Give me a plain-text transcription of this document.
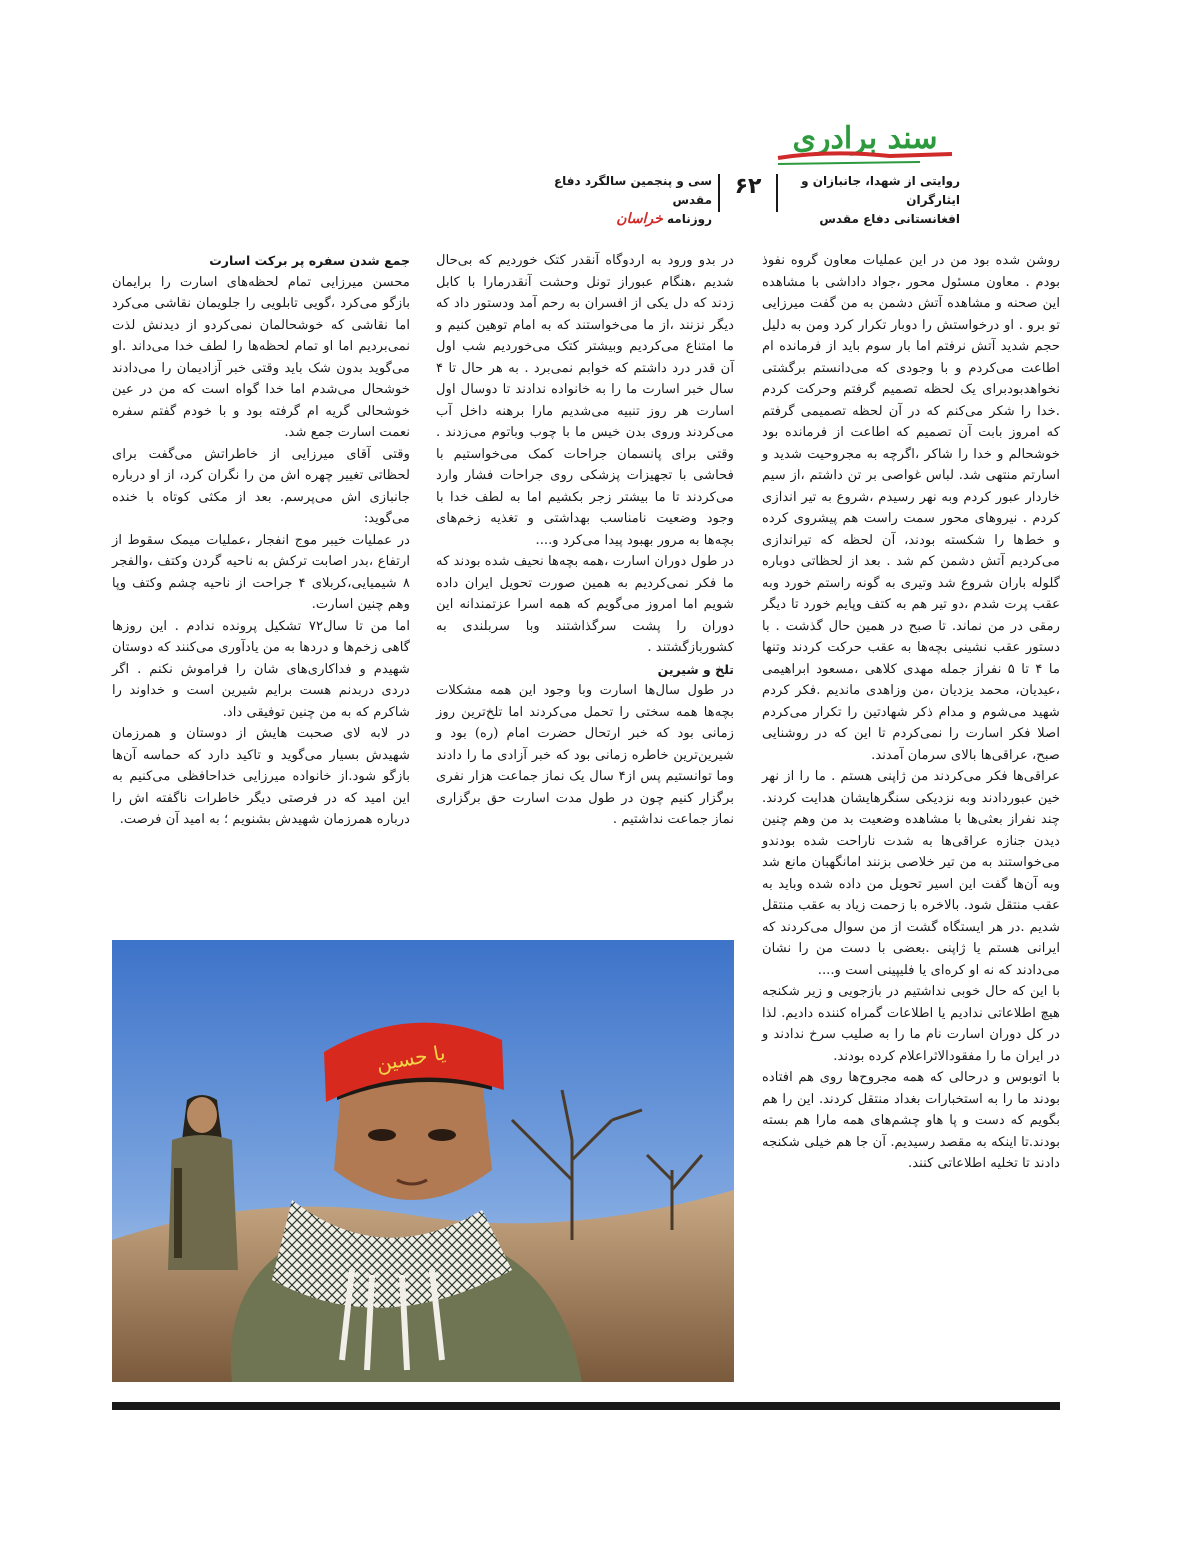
سند برادری
روایتی از شهدا، جانبازان و ایثارگران
افغانستانی دفاع مقدس
۶۲
سی و پنجمین سالگرد دفاع مقدس
روزنامه خراسان

روشن شده بود من در این عملیات معاون گروه نفوذ بودم . معاون مسئول محور ،جواد داداشی با مشاهده این صحنه و مشاهده آتش دشمن به من گفت میرزایی تو برو . او درخواستش را دوبار تکرار کرد ومن به دلیل حجم شدید آتش نرفتم اما بار سوم باید از فرمانده ام اطاعت می‌کردم و با وجودی که می‌دانستم برگشتی نخواهدبودبرای یک لحظه تصمیم گرفتم وحرکت کردم .خدا را شکر می‌کنم که در آن لحظه تصمیمی گرفتم که امروز بابت آن تصمیم که اطاعت از فرمانده بود خوشحالم و خدا را شاکر ،اگرچه به مجروحیت شدید و اسارتم منتهی شد. لباس غواصی بر تن داشتم ،از سیم خاردار عبور کردم وبه نهر رسیدم ،شروع به تیر اندازی کردم . نیروهای محور سمت راست هم پیشروی کرده و خط‌ها را شکسته بودند، آن لحظه که تیراندازی می‌کردیم آتش دشمن کم شد . بعد از لحظاتی دوباره گلوله باران شروع شد وتیری به گونه راستم خورد وبه عقب پرت شدم ،دو تیر هم به کتف وپایم خورد تا دیگر رمقی در من نماند. تا صبح در همین حال گذشت . با دستور عقب نشینی بچه‌ها به عقب حرکت کردند وتنها ما ۴ تا ۵ نفراز جمله مهدی کلاهی ،مسعود ابراهیمی ،عیدیان، محمد یزدیان ،من وزاهدی ماندیم .فکر کردم شهید می‌شوم و مدام ذکر شهادتین را تکرار می‌کردم اصلا فکر اسارت را نمی‌کردم تا این که در روشنایی صبح، عراقی‌ها بالای سرمان آمدند.

عراقی‌ها فکر می‌کردند من ژاپنی هستم . ما را از نهر خین عبوردادند وبه نزدیکی سنگرهایشان هدایت کردند. چند نفراز بعثی‌ها با مشاهده وضعیت بد من وهم چنین دیدن جنازه عراقی‌ها به شدت ناراحت شده بودندو می‌خواستند به من تیر خلاصی بزنند امانگهبان مانع شد وبه آن‌ها گفت این اسیر تحویل من داده شده وباید به عقب منتقل شود. بالاخره با زحمت زیاد به عقب منتقل شدیم .در هر ایستگاه گشت از من سوال می‌کردند که ایرانی هستم یا ژاپنی .بعضی با دست من را نشان می‌دادند که نه او کره‌ای یا فلیپینی است و....

با این که حال خوبی نداشتیم در بازجویی و زیر شکنجه هیچ اطلاعاتی ندادیم یا اطلاعات گمراه کننده دادیم. لذا در کل دوران اسارت نام ما را به صلیب سرخ ندادند و در ایران ما را مفقودالاثراعلام کرده بودند.

با اتوبوس و درحالی که همه مجروح‌ها روی هم افتاده بودند ما را به استخبارات بغداد منتقل کردند. این را هم بگویم که دست و پا هاو چشم‌های همه مارا هم بسته بودند.تا اینکه به مقصد رسیدیم. آن جا هم خیلی شکنجه دادند تا تخلیه اطلاعاتی کنند.

در بدو ورود به اردوگاه آنقدر کتک خوردیم که بی‌حال شدیم ،هنگام عبوراز تونل وحشت آنقدرمارا با کابل زدند که دل یکی از افسران به رحم آمد ودستور داد که دیگر نزنند ،از ما می‌خواستند که به امام توهین کنیم و ما امتناع می‌کردیم وبیشتر کتک می‌خوردیم شب اول آن قدر درد داشتم که خوابم نمی‌برد . به هر حال تا ۴ سال خبر اسارت ما را به خانواده ندادند تا دوسال اول اسارت هر روز تنبیه می‌شدیم مارا برهنه داخل آب می‌کردند وروی بدن خیس ما با چوب وباتوم می‌زدند . وقتی برای پانسمان جراحات کمک می‌خواستیم با فحاشی با تجهیزات پزشکی روی جراحات فشار وارد می‌کردند تا ما بیشتر زجر بکشیم اما به لطف خدا با وجود وضعیت نامناسب بهداشتی و تغذیه زخم‌های بچه‌ها به مرور بهبود پیدا می‌کرد و....

در طول دوران اسارت ،همه بچه‌ها نحیف شده بودند که ما فکر نمی‌کردیم به همین صورت تحویل ایران داده شویم اما امروز می‌گویم که همه اسرا عزتمندانه این دوران را پشت سرگذاشتند وبا سربلندی به کشوربازگشتند .

تلخ و شیرین

در طول سال‌ها اسارت وبا وجود این همه مشکلات بچه‌ها همه سختی را تحمل می‌کردند اما تلخ‌ترین روز زمانی بود که خبر ارتحال حضرت امام (ره) بود و شیرین‌ترین خاطره زمانی بود که خبر آزادی ما را دادند وما توانستیم پس از۴ سال یک نماز جماعت هزار نفری برگزار کنیم چون در طول مدت اسارت حق برگزاری نماز جماعت نداشتیم .

جمع شدن سفره پر برکت اسارت

محسن میرزایی تمام لحظه‌های اسارت را برایمان بازگو می‌کرد ،گویی تابلویی را جلویمان نقاشی می‌کرد اما نقاشی که خوشحالمان نمی‌کردو از دیدنش لذت نمی‌بردیم اما او تمام لحظه‌ها را لطف خدا می‌داند .او می‌گوید بدون شک باید وقتی خبر آزادیمان را می‌دادند خوشحال می‌شدم اما خدا گواه است که من در عین خوشحالی گریه ام گرفته بود و با خودم گفتم سفره نعمت اسارت جمع شد.

وقتی آقای میرزایی از خاطراتش می‌گفت برای لحظاتی تغییر چهره اش من را نگران کرد، از او درباره جانبازی اش می‌پرسم. بعد از مکثی کوتاه با خنده می‌گوید:

در عملیات خیبر موج انفجار ،عملیات میمک سقوط از ارتفاع ،بدر اصابت ترکش به ناحیه گردن وکتف ،والفجر ۸ شیمیایی،کربلای ۴ جراحت از ناحیه چشم وکتف وپا وهم چنین اسارت.

اما من تا سال۷۲ تشکیل پرونده ندادم . این روزها گاهی زخم‌ها و دردها به من یادآوری می‌کنند که دوستان شهیدم و فداکاری‌های شان را فراموش نکنم . اگر دردی دربدنم هست برایم شیرین است و خداوند را شاکرم که به من چنین توفیقی داد.

در لابه لای صحبت هایش از دوستان و همرزمان شهیدش بسیار می‌گوید و تاکید دارد که حماسه آن‌ها بازگو شود.از خانواده میرزایی خداحافظی می‌کنیم به این امید که در فرصتی دیگر خاطرات ناگفته اش را درباره همرزمان شهیدش بشنویم ؛ به امید آن فرصت.

یا حسین
